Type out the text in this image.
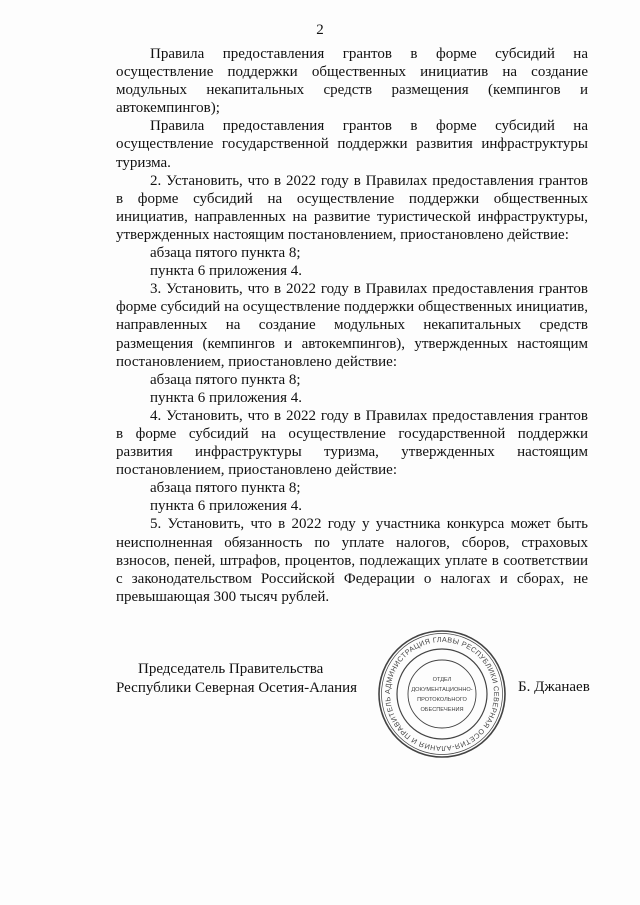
2

Правила предоставления грантов в форме субсидий на осуществление поддержки общественных инициатив на создание модульных некапитальных средств размещения (кемпингов и автокемпингов);

Правила предоставления грантов в форме субсидий на осуществление государственной поддержки развития инфраструктуры туризма.

2. Установить, что в 2022 году в Правилах предоставления грантов в форме субсидий на осуществление поддержки общественных инициатив, направленных на развитие туристической инфраструктуры, утвержденных настоящим постановлением, приостановлено действие:

абзаца пятого пункта 8;

пункта 6 приложения 4.

3. Установить, что в 2022 году в Правилах предоставления грантов форме субсидий на осуществление поддержки общественных инициатив, направленных на создание модульных некапитальных средств размещения (кемпингов и автокемпингов), утвержденных настоящим постановлением, приостановлено действие:

абзаца пятого пункта 8;

пункта 6 приложения 4.

4. Установить, что в 2022 году в Правилах предоставления грантов в форме субсидий на осуществление государственной поддержки развития инфраструктуры туризма, утвержденных настоящим постановлением, приостановлено действие:

абзаца пятого пункта 8;

пункта 6 приложения 4.

5. Установить, что в 2022 году у участника конкурса может быть неисполненная обязанность по уплате налогов, сборов, страховых взносов, пеней, штрафов, процентов, подлежащих уплате в соответствии с законодательством Российской Федерации о налогах и сборах, не превышающая 300 тысяч рублей.

Председатель Правительства
Республики Северная Осетия-Алания	АДМИНИСТРАЦИЯ ГЛАВЫ РЕСПУБЛИКИ СЕВЕРНАЯ ОСЕТИЯ-АЛАНИЯ И ПРАВИТЕЛЬ
ОТДЕЛ
ДОКУМЕНТАЦИОННО-
ПРОТОКОЛЬНОГО
ОБЕСПЕЧЕНИЯ
Б. Джанаев
